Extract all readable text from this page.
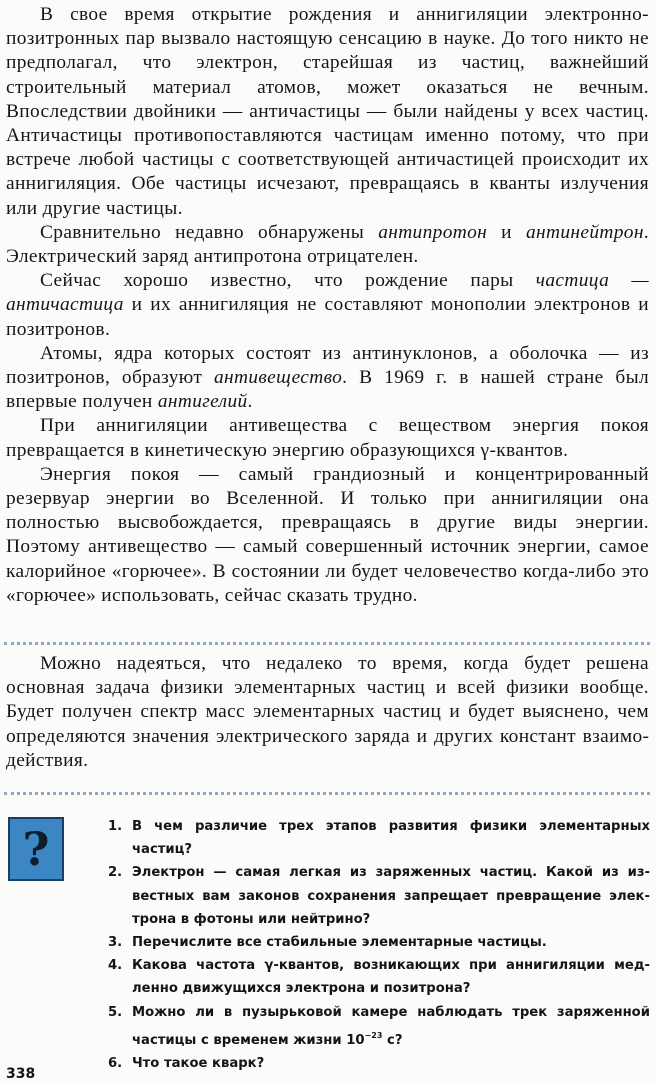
В свое время открытие рождения и аннигиляции электронно-позитронных пар вызвало настоящую сенсацию в науке. До того никто не предполагал, что электрон, старейшая из частиц, важнейший строительный материал атомов, может оказаться не вечным. Впоследствии двойники — античастицы — были найдены у всех частиц. Античастицы противопоставляются частицам именно потому, что при встрече любой частицы с соответствующей античастицей происходит их аннигиляция. Обе частицы исчезают, превращаясь в кванты излучения или другие частицы.

Сравнительно недавно обнаружены антипротон и антинейтрон. Электрический заряд антипротона отрицателен.

Сейчас хорошо известно, что рождение пары частица — античастица и их аннигиляция не составляют монополии электронов и позитронов.

Атомы, ядра которых состоят из антинуклонов, а оболочка — из позитронов, образуют антивещество. В 1969 г. в нашей стране был впервые получен антигелий.

При аннигиляции антивещества с веществом энергия покоя превращается в кинетическую энергию образующихся γ-квантов.

Энергия покоя — самый грандиозный и концентрированный резервуар энергии во Вселенной. И только при аннигиляции она полностью высвобождается, превращаясь в другие виды энергии. Поэтому антивещество — самый совершенный источник энергии, самое калорийное «горючее». В состоянии ли будет человечество когда-либо это «горючее» использовать, сейчас сказать трудно.

Можно надеяться, что недалеко то время, когда будет решена основная задача физики элементарных частиц и всей физики вообще. Будет получен спектр масс элементарных частиц и будет выяснено, чем определяются значения электрического заряда и других констант взаимодействия.

?	1. В чем различие трех этапов развития физики элементарных частиц?
2. Электрон — самая легкая из заряженных частиц. Какой из известных вам законов сохранения запрещает превращение электрона в фотоны или нейтрино?
3. Перечислите все стабильные элементарные частицы.
4. Какова частота γ-квантов, возникающих при аннигиляции медленно движущихся электрона и позитрона?
5. Можно ли в пузырьковой камере наблюдать трек заряженной частицы с временем жизни $10^{-23}$ с?
6. Что такое кварк?
338
